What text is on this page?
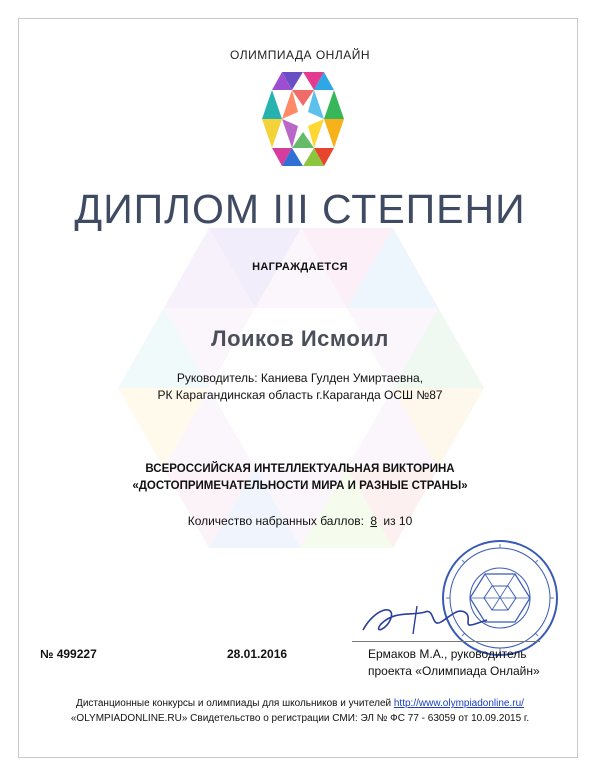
ОЛИМПИАДА ОНЛАЙН
ДИПЛОМ III СТЕПЕНИ
НАГРАЖДАЕТСЯ
Лоиков Исмоил
Руководитель: Каниева Гулден Умиртаевна,
РК Карагандинская область г.Караганда ОСШ №87
ВСЕРОССИЙСКАЯ ИНТЕЛЛЕКТУАЛЬНАЯ ВИКТОРИНА
«ДОСТОПРИМЕЧАТЕЛЬНОСТИ МИРА И РАЗНЫЕ СТРАНЫ»
Количество набранных баллов: 8 из 10
№ 499227	28.01.2016	Ермаков М.А., руководитель
проекта «Олимпиада Онлайн»
Дистанционные конкурсы и олимпиады для школьников и учителей http://www.olympiadonline.ru/
«OLYMPIADONLINE.RU» Свидетельство о регистрации СМИ: ЭЛ № ФС 77 - 63059 от 10.09.2015 г.
